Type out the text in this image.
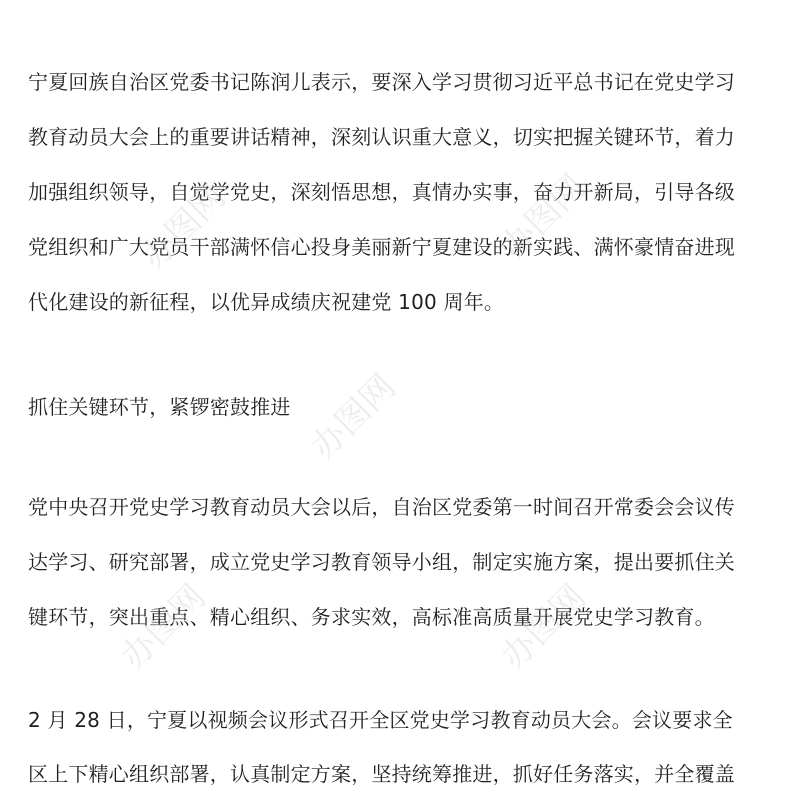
宁夏回族自治区党委书记陈润儿表示，要深入学习贯彻习近平总书记在党史学习
教育动员大会上的重要讲话精神，深刻认识重大意义，切实把握关键环节，着力
加强组织领导，自觉学党史，深刻悟思想，真情办实事，奋力开新局，引导各级
党组织和广大党员干部满怀信心投身美丽新宁夏建设的新实践、满怀豪情奋进现
代化建设的新征程，以优异成绩庆祝建党 100 周年。
抓住关键环节，紧锣密鼓推进
党中央召开党史学习教育动员大会以后，自治区党委第一时间召开常委会会议传
达学习、研究部署，成立党史学习教育领导小组，制定实施方案，提出要抓住关
键环节，突出重点、精心组织、务求实效，高标准高质量开展党史学习教育。
2 月 28 日，宁夏以视频会议形式召开全区党史学习教育动员大会。会议要求全
区上下精心组织部署，认真制定方案，坚持统筹推进，抓好任务落实，并全覆盖
办图网	办图网
办图网
办图网	办图网
